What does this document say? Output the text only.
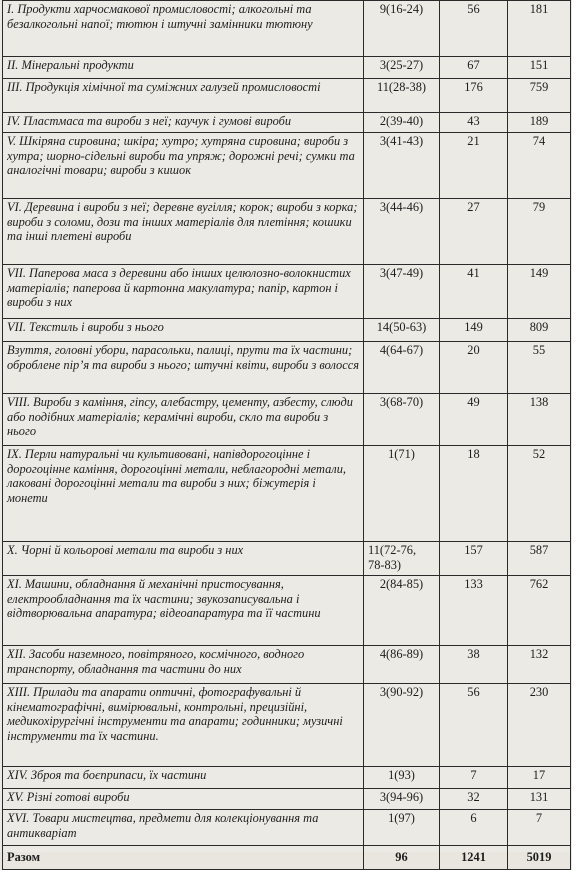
I. Продукти харчосмакової промисловості; алкогольні та безалкогольні напої; тютюн і штучні замінники тютюну	9(16-24)	56	181
II. Мінеральні продукти	3(25-27)	67	151
III. Продукція хімічної та суміжних галузей промисловості	11(28-38)	176	759
IV. Пластмаса та вироби з неї; каучук і гумові вироби	2(39-40)	43	189
V. Шкіряна сировина; шкіра; хутро; хутряна сировина; вироби з хутра; шорно-сідельні вироби та упряж; дорожні речі; сумки та аналогічні товари; вироби з кишок	3(41-43)	21	74
VI. Деревина і вироби з неї; деревне вугілля; корок; вироби з корка; вироби з соломи, дози та інших матеріалів для плетіння; кошики та інші плетені вироби	3(44-46)	27	79
VII. Паперова маса з деревини або інших целюлозно-волокнистих матеріалів; паперова й картонна макулатура; папір, картон і вироби з них	3(47-49)	41	149
VII. Текстиль і вироби з нього	14(50-63)	149	809
Взуття, головні убори, парасольки, палиці, прути та їх частини; оброблене пір’я та вироби з нього; штучні квіти, вироби з волосся	4(64-67)	20	55
VIII. Вироби з каміння, гіпсу, алебастру, цементу, азбесту, слюди або подібних матеріалів; керамічні вироби, скло та вироби з нього	3(68-70)	49	138
IX. Перли натуральні чи культивовані, напівдорогоцінне і дорогоцінне каміння, дорогоцінні метали, неблагородні метали, лаковані дорогоцінні метали та вироби з них; біжутерія і монети	1(71)	18	52
X. Чорні й кольорові метали та вироби з них	11(72-76, 78-83)	157	587
XI. Машини, обладнання й механічні пристосування, електрообладнання та їх частини; звукозаписувальна і відтворювальна апаратура; відеоапаратура та її частини	2(84-85)	133	762
XII. Засоби наземного, повітряного, космічного, водного транспорту, обладнання та частини до них	4(86-89)	38	132
XIII. Прилади та апарати оптичні, фотографувальні й кінематографічні, вимірювальні, контрольні, прецизійні, медикохірургічні інструменти та апарати; годинники; музичні інструменти та їх частини.	3(90-92)	56	230
XIV. Зброя та боєприпаси, їх частини	1(93)	7	17
XV. Різні готові вироби	3(94-96)	32	131
XVI. Товари мистецтва, предмети для колекціонування та антикваріат	1(97)	6	7
Разом	96	1241	5019
